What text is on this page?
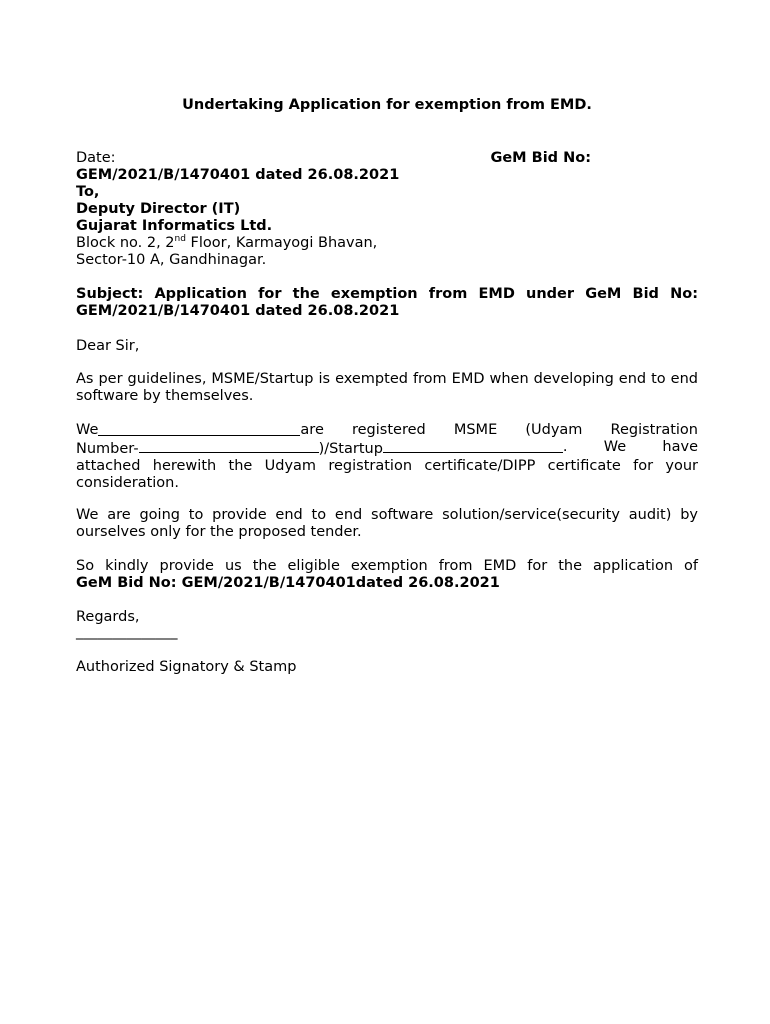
Undertaking Application for exemption from EMD.
Date:	GeM Bid No:
GEM/2021/B/1470401 dated 26.08.2021
To,
Deputy Director (IT)
Gujarat Informatics Ltd.
Block no. 2, 2nd Floor, Karmayogi Bhavan,
Sector-10 A, Gandhinagar.
Subject: Application for the exemption from EMD under GeM Bid No:
GEM/2021/B/1470401 dated 26.08.2021
Dear Sir,
As per guidelines, MSME/Startup is exempted from EMD when developing end to end software by themselves.
We	are registered MSME (Udyam Registration
Number-	)/Startup	. We have
attached herewith the Udyam registration certificate/DIPP certificate for your consideration.
We are going to provide end to end software solution/service(security audit) by ourselves only for the proposed tender.
So kindly provide us the eligible exemption from EMD for the application of
GeM Bid No: GEM/2021/B/1470401dated 26.08.2021
Regards,
______________
Authorized Signatory & Stamp
